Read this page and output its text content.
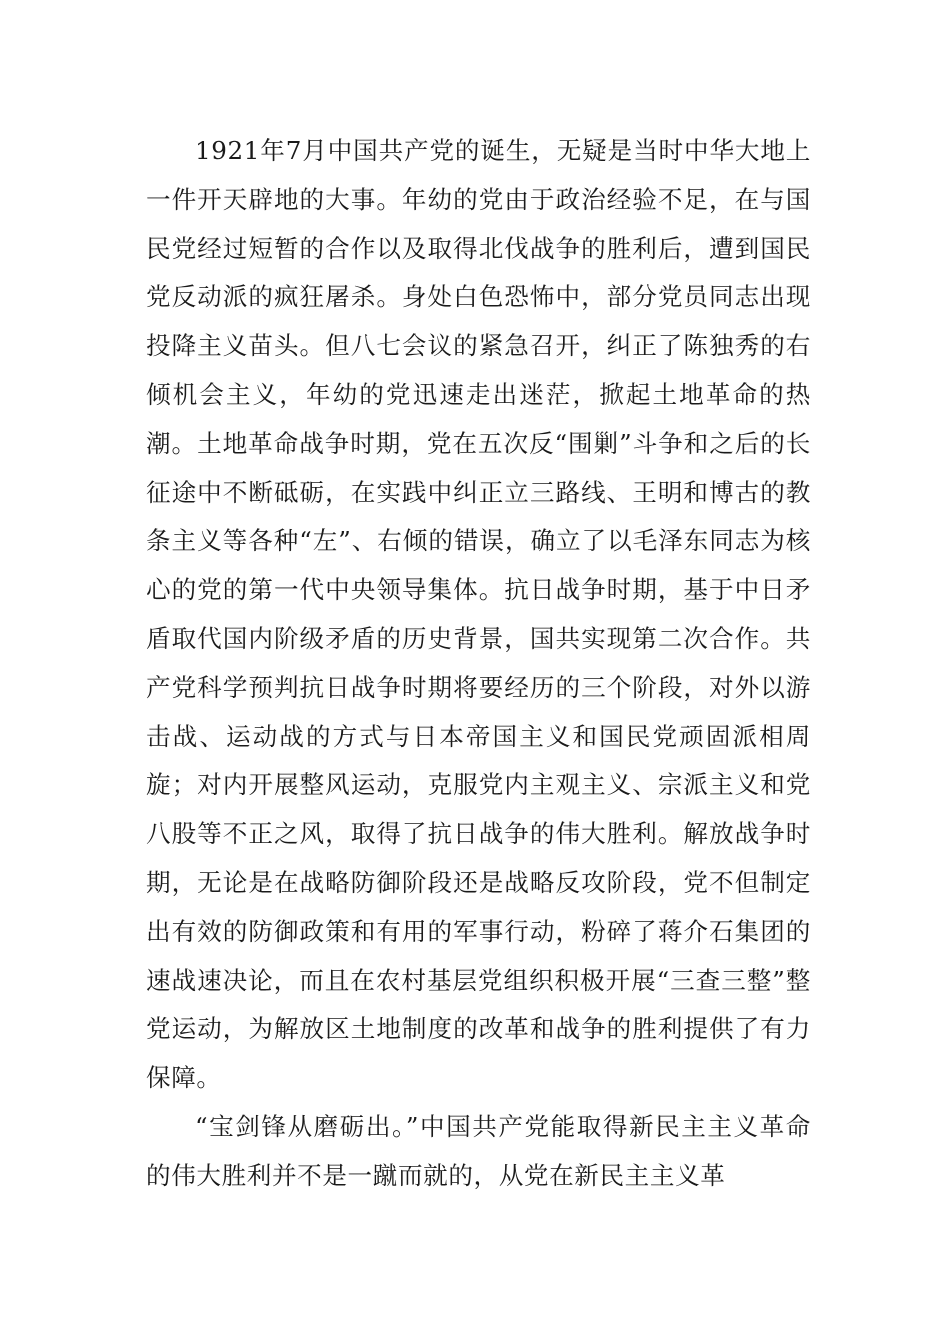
1921年7月中国共产党的诞生，无疑是当时中华大地上一件开天辟地的大事。年幼的党由于政治经验不足，在与国民党经过短暂的合作以及取得北伐战争的胜利后，遭到国民党反动派的疯狂屠杀。身处白色恐怖中，部分党员同志出现投降主义苗头。但八七会议的紧急召开，纠正了陈独秀的右倾机会主义，年幼的党迅速走出迷茫，掀起土地革命的热潮。土地革命战争时期，党在五次反“围剿”斗争和之后的长征途中不断砥砺，在实践中纠正立三路线、王明和博古的教条主义等各种“左”、右倾的错误，确立了以毛泽东同志为核心的党的第一代中央领导集体。抗日战争时期，基于中日矛盾取代国内阶级矛盾的历史背景，国共实现第二次合作。共产党科学预判抗日战争时期将要经历的三个阶段，对外以游击战、运动战的方式与日本帝国主义和国民党顽固派相周旋；对内开展整风运动，克服党内主观主义、宗派主义和党八股等不正之风，取得了抗日战争的伟大胜利。解放战争时期，无论是在战略防御阶段还是战略反攻阶段，党不但制定出有效的防御政策和有用的军事行动，粉碎了蒋介石集团的速战速决论，而且在农村基层党组织积极开展“三查三整”整党运动，为解放区土地制度的改革和战争的胜利提供了有力保障。

“宝剑锋从磨砺出。”中国共产党能取得新民主主义革命的伟大胜利并不是一蹴而就的，从党在新民主主义革
